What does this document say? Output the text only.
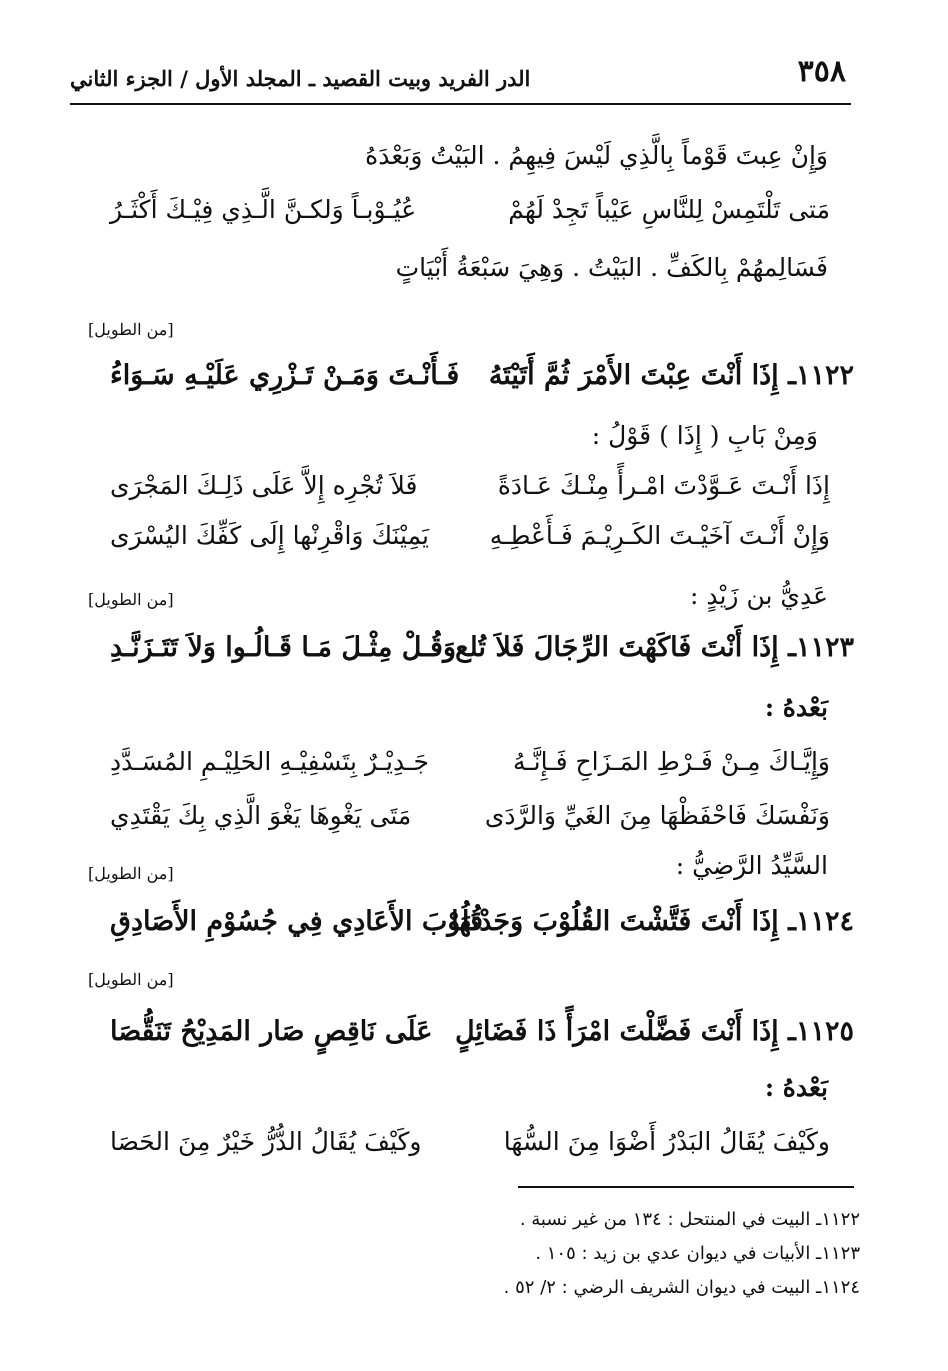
٣٥٨
الدر الفريد وبيت القصيد ـ المجلد الأول / الجزء الثاني
وَإِنْ عِبتَ قَوْماً بِالَّذِي لَيْسَ فِيهِمُ . البَيْتُ وَبَعْدَهُ
مَتى تَلْتَمِسْ لِلنَّاسِ عَيْباً تَجِدْ لَهُمْ
عُيُـوْبـاً وَلكـنَّ الَّـذِي فِيْـكَ أَكْثَـرُ
فَسَالِمهُمْ بِالكَفِّ . البَيْتُ . وَهِيَ سَبْعَةُ أَبْيَاتٍ
[من الطويل]
١١٢٢ـ إِذَا أَنْتَ عِبْتَ الأَمْرَ ثُمَّ أَتَيْتَهُ
فَـأَنْـتَ وَمَـنْ تَـزْرِي عَلَيْـهِ سَـوَاءُ
وَمِنْ بَابِ ( إِذَا ) قَوْلُ :
إِذَا أَنْـتَ عَـوَّدْتَ امْـرأً مِنْـكَ عَـادَةً
فَلاَ تُجْرِه إِلاَّ عَلَى ذَلِـكَ المَجْرَى
وَإِنْ أَنْـتَ آخَيْـتَ الكَـرِيْـمَ فَـأَعْطِـهِ
يَمِيْنَكَ وَاقْرِنْها إِلَى كَفِّكَ اليُسْرَى
عَدِيُّ بن زَيْدٍ :
[من الطويل]
١١٢٣ـ إِذَا أَنْتَ فَاكَهْتَ الرِّجَالَ فَلاَ تُلع
وَقُـلْ مِثْـلَ مَـا قَـالُـوا وَلاَ تَتَـزَنَّـدِ
بَعْدهُ :
وَإِيَّـاكَ مِـنْ فَـرْطِ المَـزَاحِ فَـإِنَّـهُ
جَـدِيْـرٌ بِتَسْفِيْـهِ الحَلِيْـمِ المُسَـدَّدِ
وَنَفْسَكَ فَاحْفَظْهَا مِنَ الغَيِّ وَالرَّدَى
مَتَى يَغْوِهَا يَغْوَ الَّذِي بِكَ يَقْتَدِي
السَّيِّدُ الرَّضِيُّ :
[من الطويل]
١١٢٤ـ إِذَا أَنْتَ فَتَّشْتَ القُلُوْبَ وَجَدْتَهَا
قُلُوْبَ الأَعَادِي فِي جُسُوْمِ الأَصَادِقِ
[من الطويل]
١١٢٥ـ إِذَا أَنْتَ فَضَّلْتَ امْرَأً ذَا فَضَائِلٍ
عَلَى نَاقِصٍ صَار المَدِيْحُ تَنَقُّصَا
بَعْدهُ :
وكَيْفَ يُقَالُ البَدْرُ أَضْوَا مِنَ السُّهَا
وكَيْفَ يُقَالُ الدُّرُّ خَيْرٌ مِنَ الحَصَا
١١٢٢ـ البيت في المنتحل : ١٣٤ من غير نسبة .
١١٢٣ـ الأبيات في ديوان عدي بن زيد : ١٠٥ .
١١٢٤ـ البيت في ديوان الشريف الرضي : ٢/ ٥٢ .
